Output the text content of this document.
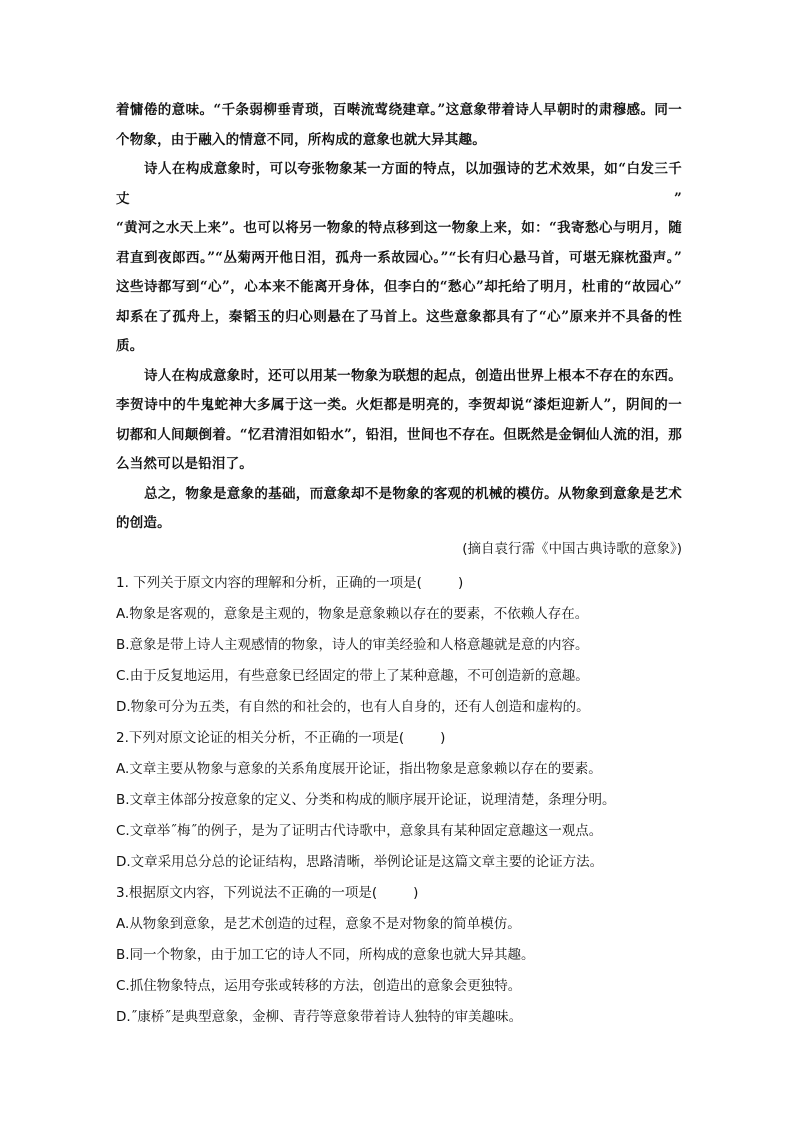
着慵倦的意味。“千条弱柳垂青琐，百啭流莺绕建章。”这意象带着诗人早朝时的肃穆感。同一

个物象，由于融入的情意不同，所构成的意象也就大异其趣。

诗人在构成意象时，可以夸张物象某一方面的特点，以加强诗的艺术效果，如“白发三千丈”

“黄河之水天上来”。也可以将另一物象的特点移到这一物象上来，如：“我寄愁心与明月，随

君直到夜郎西。”“丛菊两开他日泪，孤舟一系故园心。”“长有归心悬马首，可堪无寐枕蛩声。”

这些诗都写到“心”，心本来不能离开身体，但李白的“愁心”却托给了明月，杜甫的“故园心”

却系在了孤舟上，秦韬玉的归心则悬在了马首上。这些意象都具有了“心”原来并不具备的性

质。

诗人在构成意象时，还可以用某一物象为联想的起点，创造出世界上根本不存在的东西。

李贺诗中的牛鬼蛇神大多属于这一类。火炬都是明亮的，李贺却说“漆炬迎新人”，阴间的一

切都和人间颠倒着。“忆君清泪如铅水”，铅泪，世间也不存在。但既然是金铜仙人流的泪，那

么当然可以是铅泪了。

总之，物象是意象的基础，而意象却不是物象的客观的机械的模仿。从物象到意象是艺术

的创造。

(摘自袁行霈《中国古典诗歌的意象》)

1. 下列关于原文内容的理解和分析，正确的一项是(	)

A.物象是客观的，意象是主观的，物象是意象赖以存在的要素，不依赖人存在。

B.意象是带上诗人主观感情的物象，诗人的审美经验和人格意趣就是意的内容。

C.由于反复地运用，有些意象已经固定的带上了某种意趣，不可创造新的意趣。

D.物象可分为五类，有自然的和社会的，也有人自身的，还有人创造和虚构的。

2.下列对原文论证的相关分析，不正确的一项是(	)

A.文章主要从物象与意象的关系角度展开论证，指出物象是意象赖以存在的要素。

B.文章主体部分按意象的定义、分类和构成的顺序展开论证，说理清楚，条理分明。

C.文章举˝梅˝的例子，是为了证明古代诗歌中，意象具有某种固定意趣这一观点。

D.文章采用总分总的论证结构，思路清晰，举例论证是这篇文章主要的论证方法。

3.根据原文内容，下列说法不正确的一项是(	)

A.从物象到意象，是艺术创造的过程，意象不是对物象的简单模仿。

B.同一个物象，由于加工它的诗人不同，所构成的意象也就大异其趣。

C.抓住物象特点，运用夸张或转移的方法，创造出的意象会更独特。

D.˝康桥˝是典型意象，金柳、青荇等意象带着诗人独特的审美趣味。
